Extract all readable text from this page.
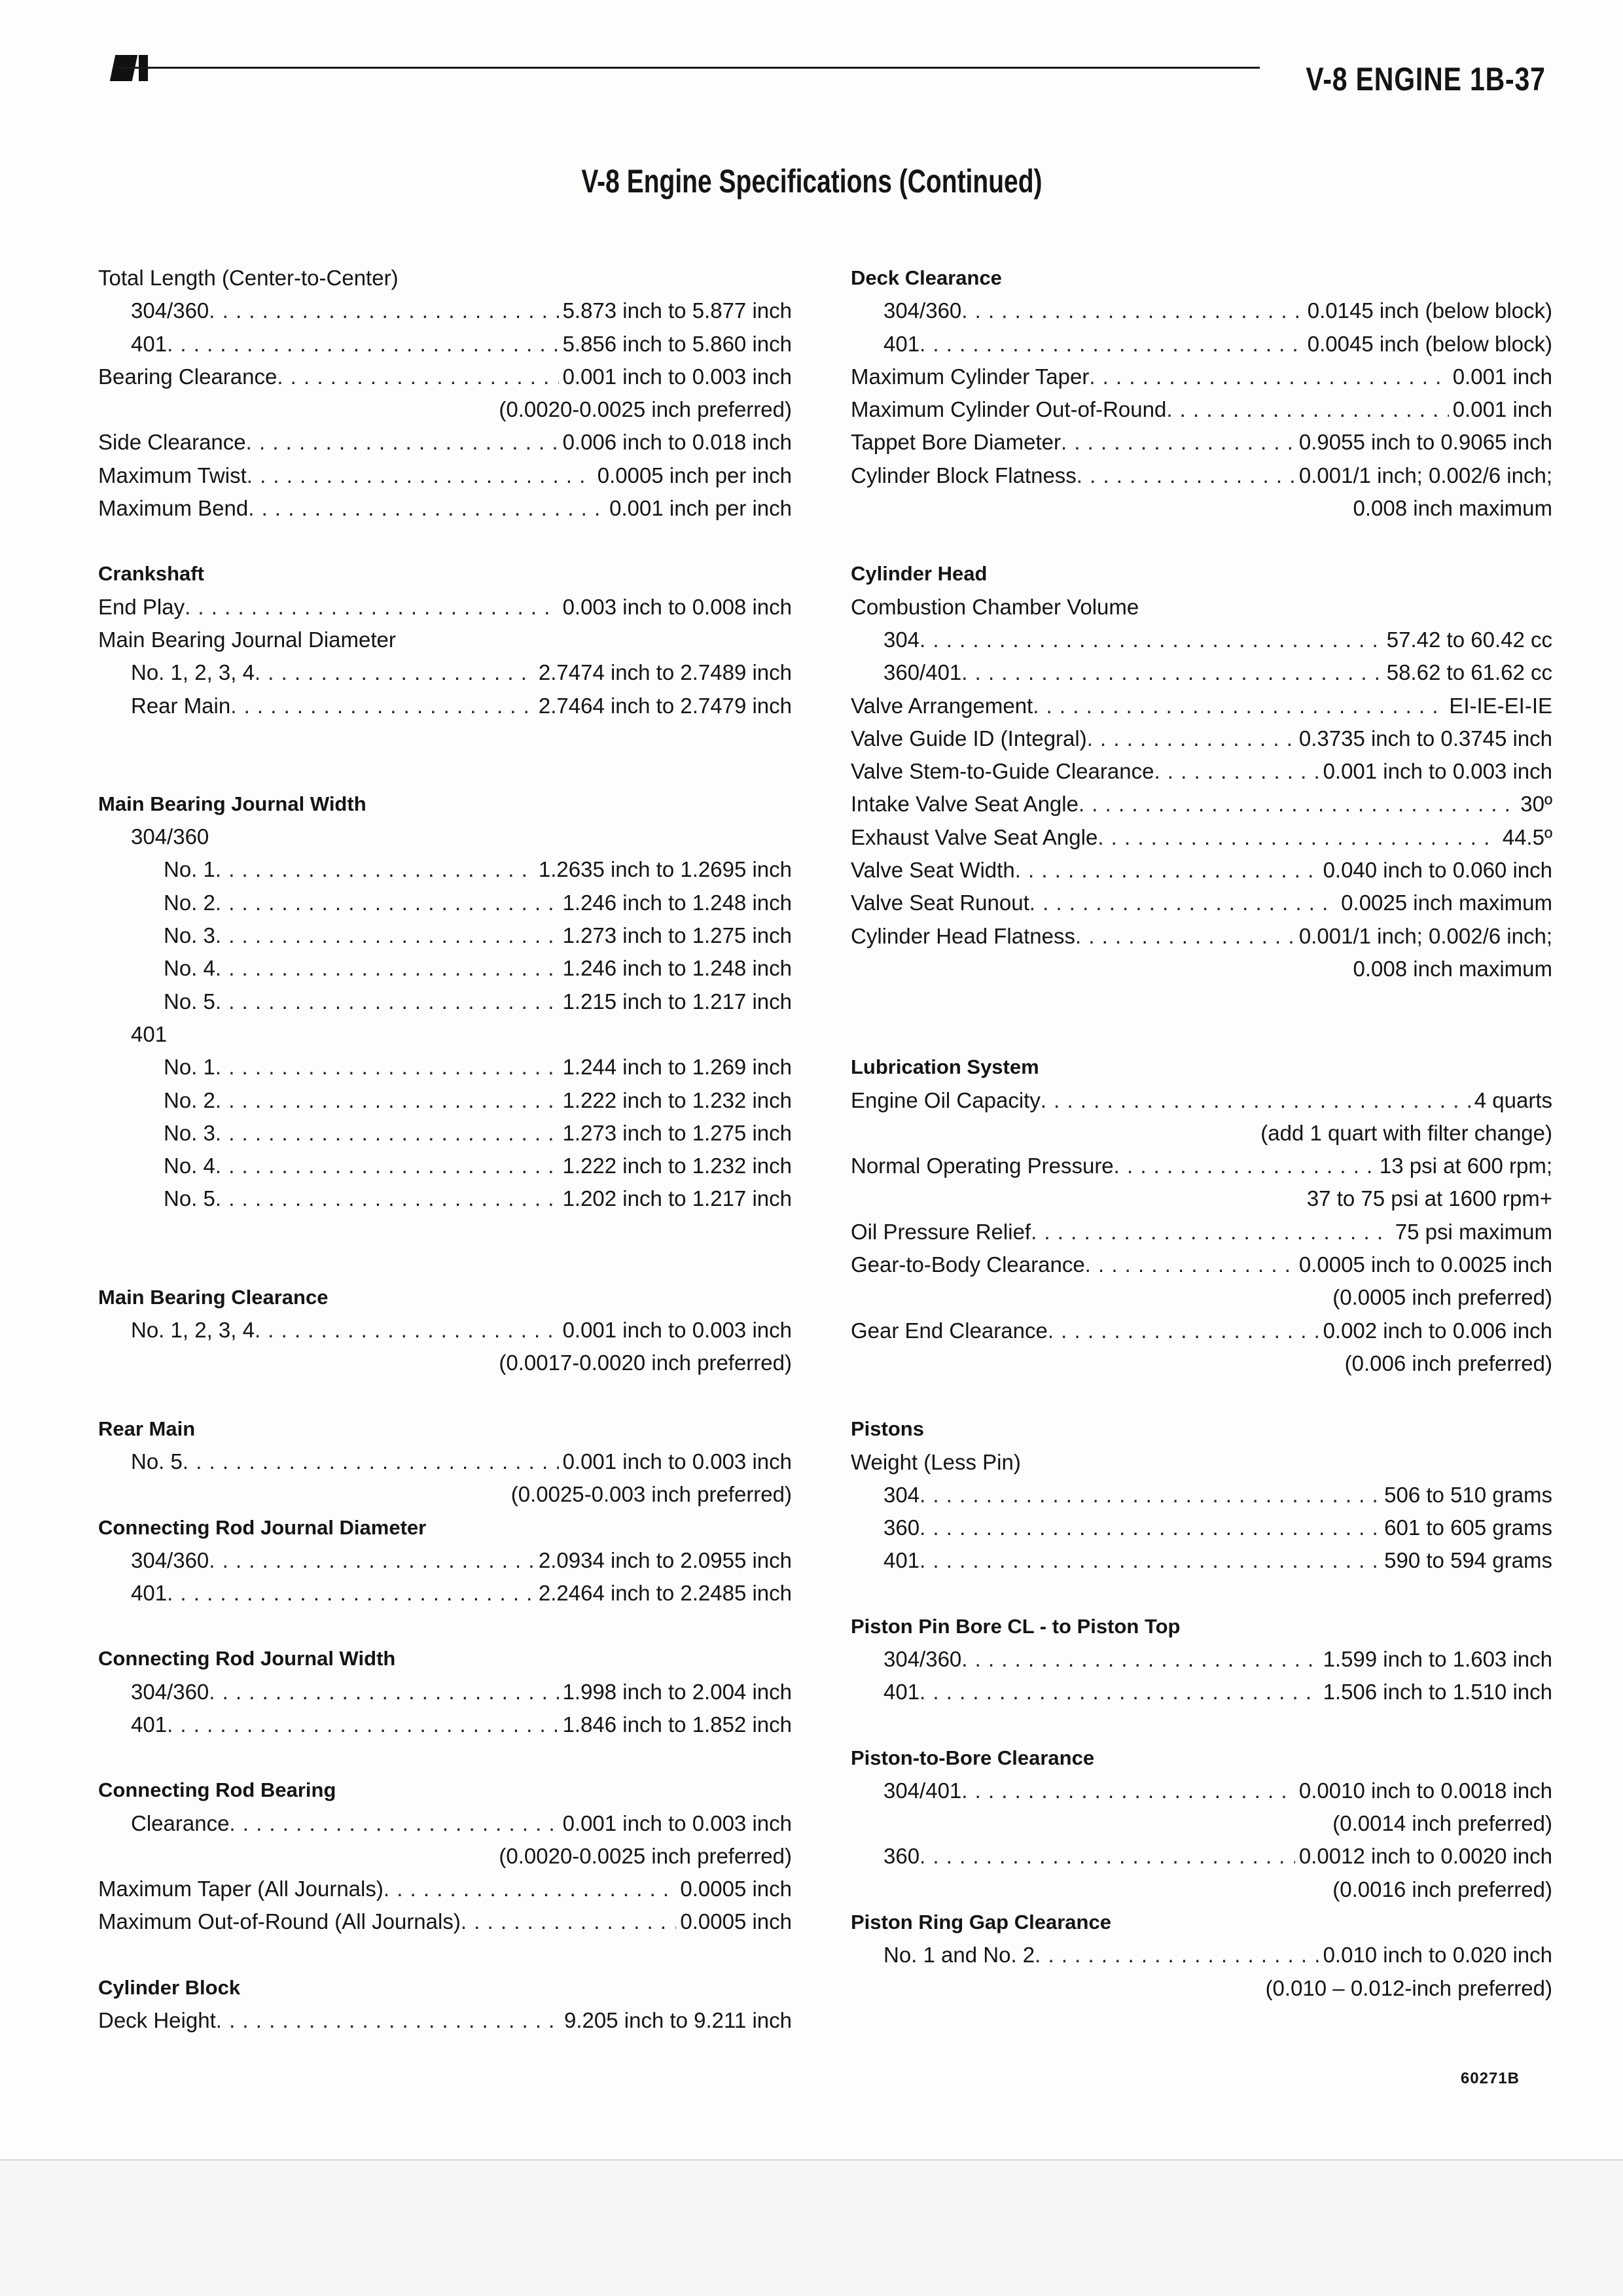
V-8 ENGINE 1B-37
V-8 Engine Specifications (Continued)
Total Length (Center-to-Center)
304/360 . . .	5.873 inch to 5.877 inch
401 . . .	5.856 inch to 5.860 inch
Bearing Clearance . . .	0.001 inch to 0.003 inch
(0.0020-0.0025 inch preferred)
Side Clearance . . .	0.006 inch to 0.018 inch
Maximum Twist . . .	0.0005 inch per inch
Maximum Bend . . .	0.001 inch per inch
Crankshaft
End Play . . .	0.003 inch to 0.008 inch
Main Bearing Journal Diameter
No. 1, 2, 3, 4 . . .	2.7474 inch to 2.7489 inch
Rear Main . . .	2.7464 inch to 2.7479 inch
Main Bearing Journal Width
304/360
No. 1 . . .	1.2635 inch to 1.2695 inch
No. 2 . . .	1.246 inch to 1.248 inch
No. 3 . . .	1.273 inch to 1.275 inch
No. 4 . . .	1.246 inch to 1.248 inch
No. 5 . . .	1.215 inch to 1.217 inch
401
No. 1 . . .	1.244 inch to 1.269 inch
No. 2 . . .	1.222 inch to 1.232 inch
No. 3 . . .	1.273 inch to 1.275 inch
No. 4 . . .	1.222 inch to 1.232 inch
No. 5 . . .	1.202 inch to 1.217 inch
Main Bearing Clearance
No. 1, 2, 3, 4 . . .	0.001 inch to 0.003 inch
(0.0017-0.0020 inch preferred)
Rear Main
No. 5 . . .	0.001 inch to 0.003 inch
(0.0025-0.003 inch preferred)
Connecting Rod Journal Diameter
304/360 . . .	2.0934 inch to 2.0955 inch
401 . . .	2.2464 inch to 2.2485 inch
Connecting Rod Journal Width
304/360 . . .	1.998 inch to 2.004 inch
401 . . .	1.846 inch to 1.852 inch
Connecting Rod Bearing
Clearance . . .	0.001 inch to 0.003 inch
(0.0020-0.0025 inch preferred)
Maximum Taper (All Journals) . . .	0.0005 inch
Maximum Out-of-Round (All Journals) . . .	0.0005 inch
Cylinder Block
Deck Height . . .	9.205 inch to 9.211 inch
Deck Clearance
304/360 . . .	0.0145 inch (below block)
401 . . .	0.0045 inch (below block)
Maximum Cylinder Taper . . .	0.001 inch
Maximum Cylinder Out-of-Round . . .	0.001 inch
Tappet Bore Diameter . . .	0.9055 inch to 0.9065 inch
Cylinder Block Flatness . . .	0.001/1 inch; 0.002/6 inch;
0.008 inch maximum
Cylinder Head
Combustion Chamber Volume
304 . . .	57.42 to 60.42 cc
360/401 . . .	58.62 to 61.62 cc
Valve Arrangement . . .	EI-IE-EI-IE
Valve Guide ID (Integral) . . .	0.3735 inch to 0.3745 inch
Valve Stem-to-Guide Clearance . . .	0.001 inch to 0.003 inch
Intake Valve Seat Angle . . .	30º
Exhaust Valve Seat Angle . . .	44.5º
Valve Seat Width . . .	0.040 inch to 0.060 inch
Valve Seat Runout . . .	0.0025 inch maximum
Cylinder Head Flatness . . .	0.001/1 inch; 0.002/6 inch;
0.008 inch maximum
Lubrication System
Engine Oil Capacity . . .	4 quarts
(add 1 quart with filter change)
Normal Operating Pressure . . .	13 psi at 600 rpm;
37 to 75 psi at 1600 rpm+
Oil Pressure Relief . . .	75 psi maximum
Gear-to-Body Clearance . . .	0.0005 inch to 0.0025 inch
(0.0005 inch preferred)
Gear End Clearance . . .	0.002 inch to 0.006 inch
(0.006 inch preferred)
Pistons
Weight (Less Pin)
304 . . .	506 to 510 grams
360 . . .	601 to 605 grams
401 . . .	590 to 594 grams
Piston Pin Bore CL - to Piston Top
304/360 . . .	1.599 inch to 1.603 inch
401 . . .	1.506 inch to 1.510 inch
Piston-to-Bore Clearance
304/401 . . .	0.0010 inch to 0.0018 inch
(0.0014 inch preferred)
360 . . .	0.0012 inch to 0.0020 inch
(0.0016 inch preferred)
Piston Ring Gap Clearance
No. 1 and No. 2 . . .	0.010 inch to 0.020 inch
(0.010 – 0.012-inch preferred)
60271B
